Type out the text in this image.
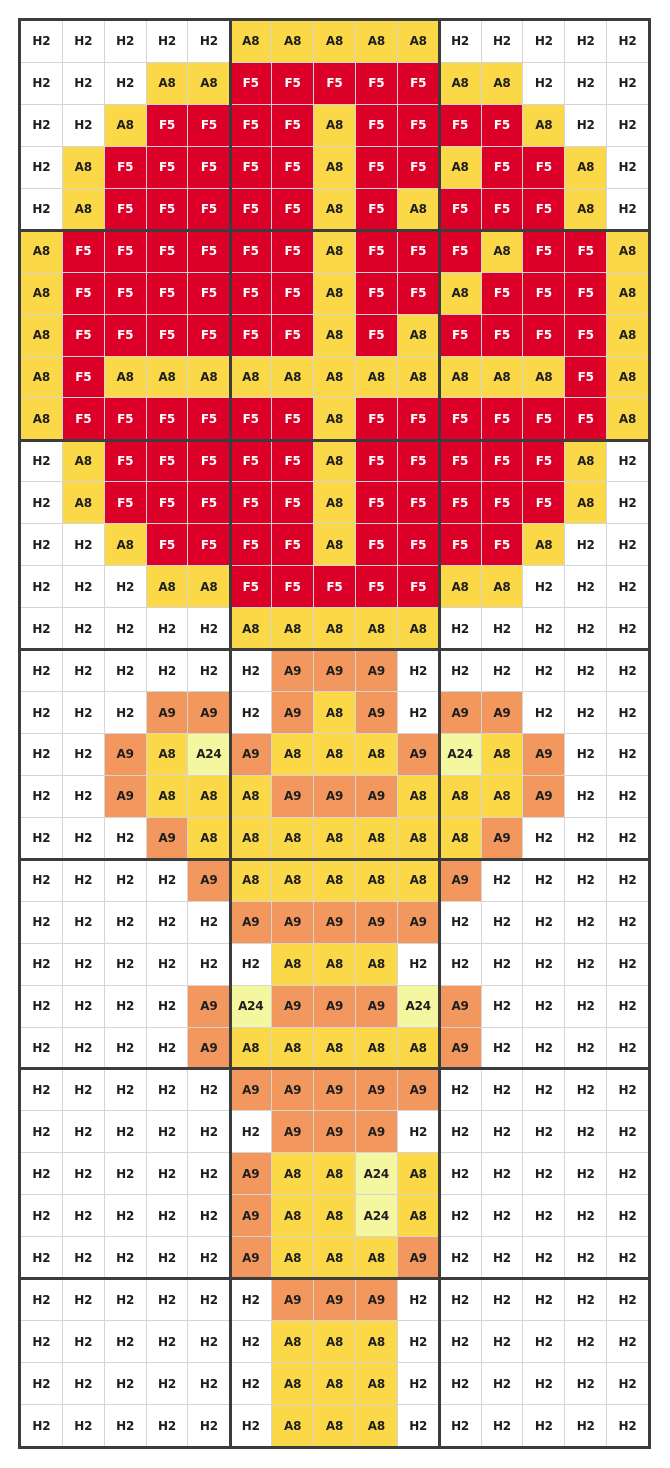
H2	H2	H2	H2	H2	A8	A8	A8	A8	A8	H2	H2	H2	H2	H2
H2	H2	H2	A8	A8	F5	F5	F5	F5	F5	A8	A8	H2	H2	H2
H2	H2	A8	F5	F5	F5	F5	A8	F5	F5	F5	F5	A8	H2	H2
H2	A8	F5	F5	F5	F5	F5	A8	F5	F5	A8	F5	F5	A8	H2
H2	A8	F5	F5	F5	F5	F5	A8	F5	A8	F5	F5	F5	A8	H2
A8	F5	F5	F5	F5	F5	F5	A8	F5	F5	F5	A8	F5	F5	A8
A8	F5	F5	F5	F5	F5	F5	A8	F5	F5	A8	F5	F5	F5	A8
A8	F5	F5	F5	F5	F5	F5	A8	F5	A8	F5	F5	F5	F5	A8
A8	F5	A8	A8	A8	A8	A8	A8	A8	A8	A8	A8	A8	F5	A8
A8	F5	F5	F5	F5	F5	F5	A8	F5	F5	F5	F5	F5	F5	A8
H2	A8	F5	F5	F5	F5	F5	A8	F5	F5	F5	F5	F5	A8	H2
H2	A8	F5	F5	F5	F5	F5	A8	F5	F5	F5	F5	F5	A8	H2
H2	H2	A8	F5	F5	F5	F5	A8	F5	F5	F5	F5	A8	H2	H2
H2	H2	H2	A8	A8	F5	F5	F5	F5	F5	A8	A8	H2	H2	H2
H2	H2	H2	H2	H2	A8	A8	A8	A8	A8	H2	H2	H2	H2	H2
H2	H2	H2	H2	H2	H2	A9	A9	A9	H2	H2	H2	H2	H2	H2
H2	H2	H2	A9	A9	H2	A9	A8	A9	H2	A9	A9	H2	H2	H2
H2	H2	A9	A8	A24	A9	A8	A8	A8	A9	A24	A8	A9	H2	H2
H2	H2	A9	A8	A8	A8	A9	A9	A9	A8	A8	A8	A9	H2	H2
H2	H2	H2	A9	A8	A8	A8	A8	A8	A8	A8	A9	H2	H2	H2
H2	H2	H2	H2	A9	A8	A8	A8	A8	A8	A9	H2	H2	H2	H2
H2	H2	H2	H2	H2	A9	A9	A9	A9	A9	H2	H2	H2	H2	H2
H2	H2	H2	H2	H2	H2	A8	A8	A8	H2	H2	H2	H2	H2	H2
H2	H2	H2	H2	A9	A24	A9	A9	A9	A24	A9	H2	H2	H2	H2
H2	H2	H2	H2	A9	A8	A8	A8	A8	A8	A9	H2	H2	H2	H2
H2	H2	H2	H2	H2	A9	A9	A9	A9	A9	H2	H2	H2	H2	H2
H2	H2	H2	H2	H2	H2	A9	A9	A9	H2	H2	H2	H2	H2	H2
H2	H2	H2	H2	H2	A9	A8	A8	A24	A8	H2	H2	H2	H2	H2
H2	H2	H2	H2	H2	A9	A8	A8	A24	A8	H2	H2	H2	H2	H2
H2	H2	H2	H2	H2	A9	A8	A8	A8	A9	H2	H2	H2	H2	H2
H2	H2	H2	H2	H2	H2	A9	A9	A9	H2	H2	H2	H2	H2	H2
H2	H2	H2	H2	H2	H2	A8	A8	A8	H2	H2	H2	H2	H2	H2
H2	H2	H2	H2	H2	H2	A8	A8	A8	H2	H2	H2	H2	H2	H2
H2	H2	H2	H2	H2	H2	A8	A8	A8	H2	H2	H2	H2	H2	H2
